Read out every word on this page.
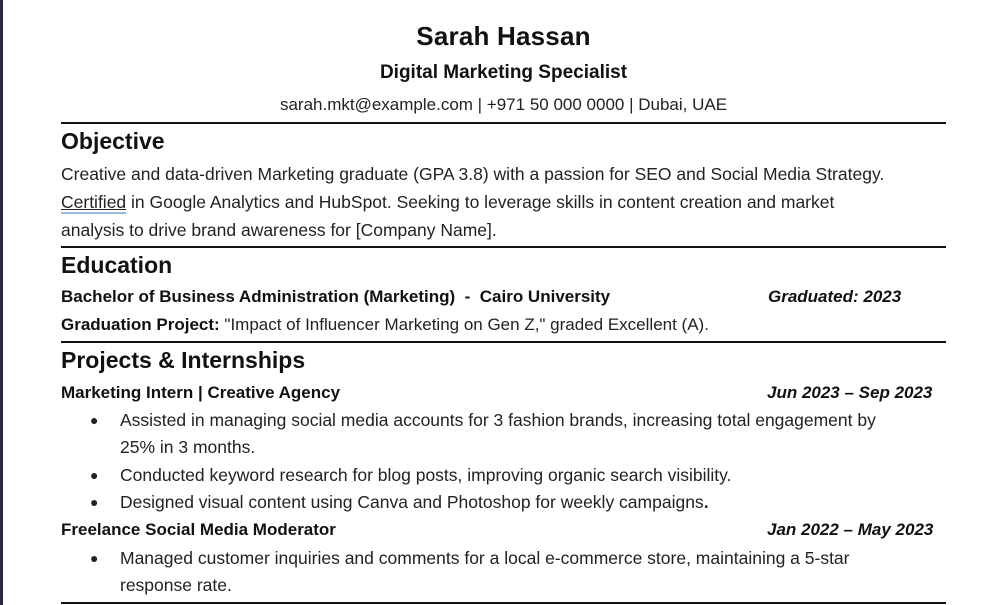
Sarah Hassan
Digital Marketing Specialist
sarah.mkt@example.com | +971 50 000 0000 | Dubai, UAE
Objective
Creative and data-driven Marketing graduate (GPA 3.8) with a passion for SEO and Social Media Strategy.
Certified in Google Analytics and HubSpot. Seeking to leverage skills in content creation and market
analysis to drive brand awareness for [Company Name].
Education
Bachelor of Business Administration (Marketing)  -  Cairo University	Graduated: 2023
Graduation Project: "Impact of Influencer Marketing on Gen Z," graded Excellent (A).
Projects & Internships
Marketing Intern | Creative Agency	Jun 2023 – Sep 2023
● Assisted in managing social media accounts for 3 fashion brands, increasing total engagement by
25% in 3 months.
● Conducted keyword research for blog posts, improving organic search visibility.
● Designed visual content using Canva and Photoshop for weekly campaigns.
Freelance Social Media Moderator	Jan 2022 – May 2023
● Managed customer inquiries and comments for a local e-commerce store, maintaining a 5-star
response rate.
